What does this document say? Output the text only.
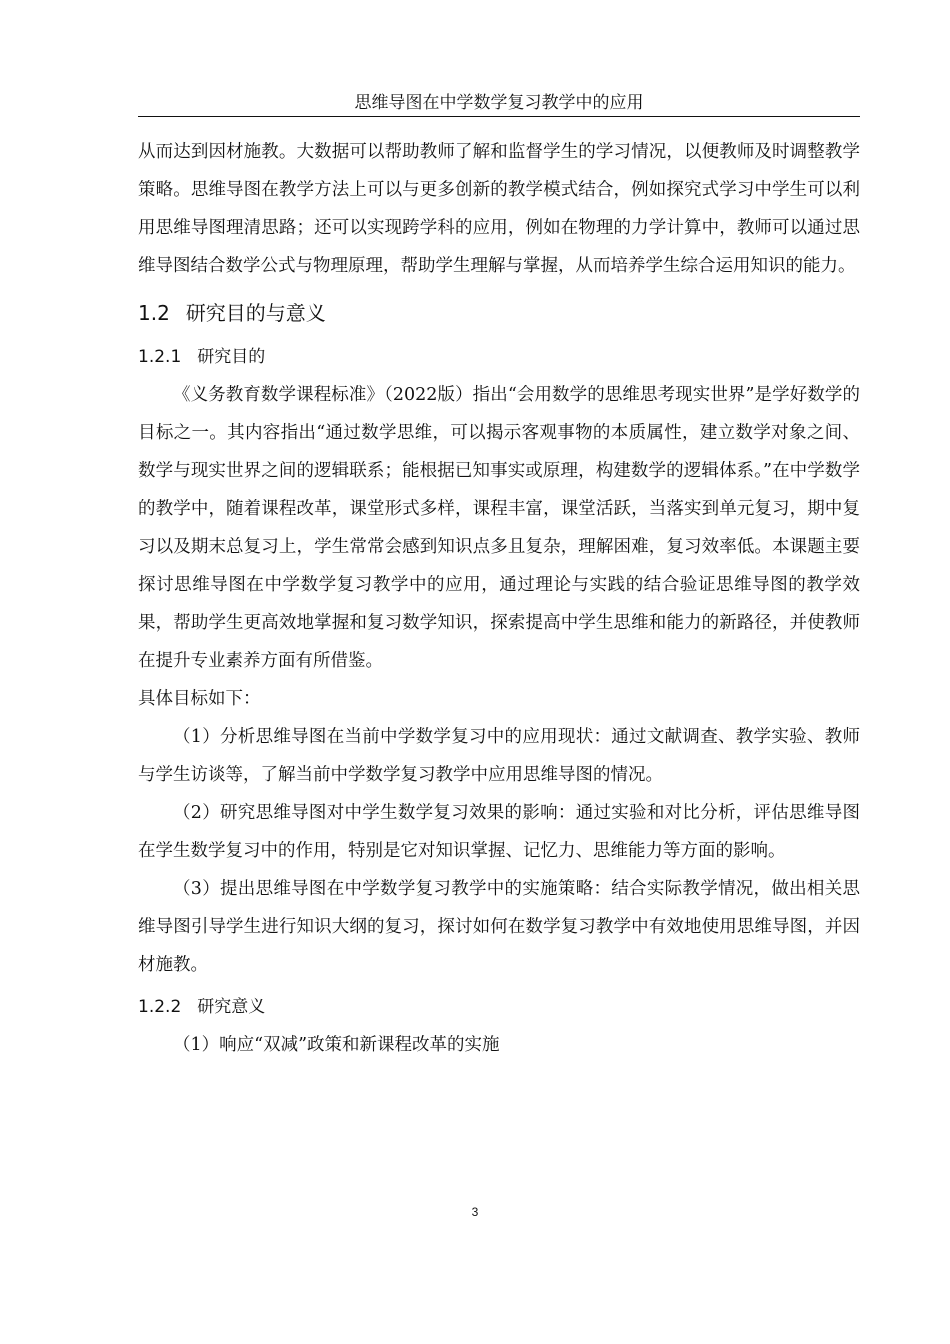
思维导图在中学数学复习教学中的应用

从而达到因材施教。大数据可以帮助教师了解和监督学生的学习情况，以便教师及时调整教学策略。思维导图在教学方法上可以与更多创新的教学模式结合，例如探究式学习中学生可以利用思维导图理清思路；还可以实现跨学科的应用，例如在物理的力学计算中，教师可以通过思维导图结合数学公式与物理原理，帮助学生理解与掌握，从而培养学生综合运用知识的能力。

1.2 研究目的与意义
1.2.1 研究目的

《义务教育数学课程标准》（2022版）指出“会用数学的思维思考现实世界”是学好数学的目标之一。其内容指出“通过数学思维，可以揭示客观事物的本质属性，建立数学对象之间、数学与现实世界之间的逻辑联系；能根据已知事实或原理，构建数学的逻辑体系。”在中学数学的教学中，随着课程改革，课堂形式多样，课程丰富，课堂活跃，当落实到单元复习，期中复习以及期末总复习上，学生常常会感到知识点多且复杂，理解困难，复习效率低。本课题主要探讨思维导图在中学数学复习教学中的应用，通过理论与实践的结合验证思维导图的教学效果，帮助学生更高效地掌握和复习数学知识，探索提高中学生思维和能力的新路径，并使教师在提升专业素养方面有所借鉴。

具体目标如下：

（1）分析思维导图在当前中学数学复习中的应用现状：通过文献调查、教学实验、教师与学生访谈等，了解当前中学数学复习教学中应用思维导图的情况。

（2）研究思维导图对中学生数学复习效果的影响：通过实验和对比分析，评估思维导图在学生数学复习中的作用，特别是它对知识掌握、记忆力、思维能力等方面的影响。

（3）提出思维导图在中学数学复习教学中的实施策略：结合实际教学情况，做出相关思维导图引导学生进行知识大纲的复习，探讨如何在数学复习教学中有效地使用思维导图，并因材施教。

1.2.2 研究意义

（1）响应“双减”政策和新课程改革的实施

3
